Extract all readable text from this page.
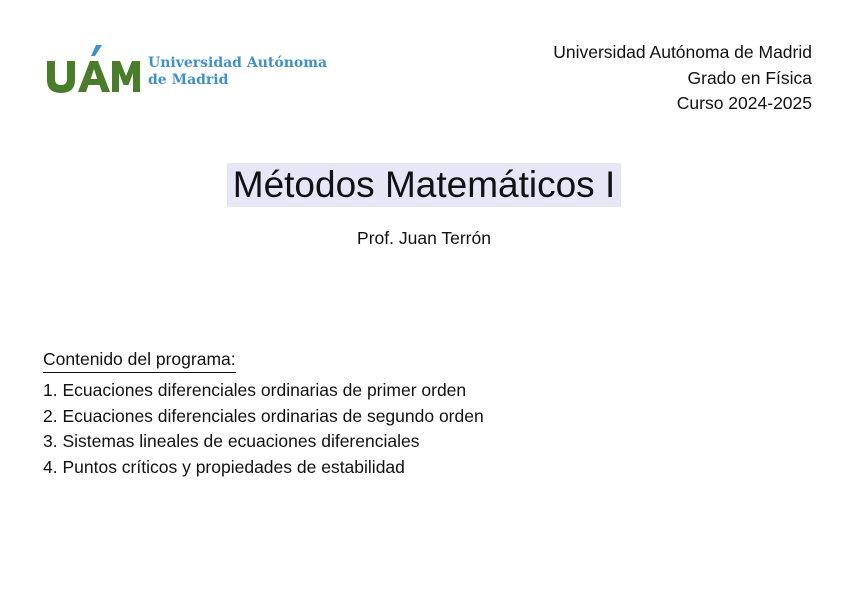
Universidad Autónoma
de Madrid
Universidad Autónoma de Madrid
Grado en Física
Curso 2024-2025
Métodos Matemáticos I
Prof. Juan Terrón
Contenido del programa:
1. Ecuaciones diferenciales ordinarias de primer orden
2. Ecuaciones diferenciales ordinarias de segundo orden
3. Sistemas lineales de ecuaciones diferenciales
4. Puntos críticos y propiedades de estabilidad
